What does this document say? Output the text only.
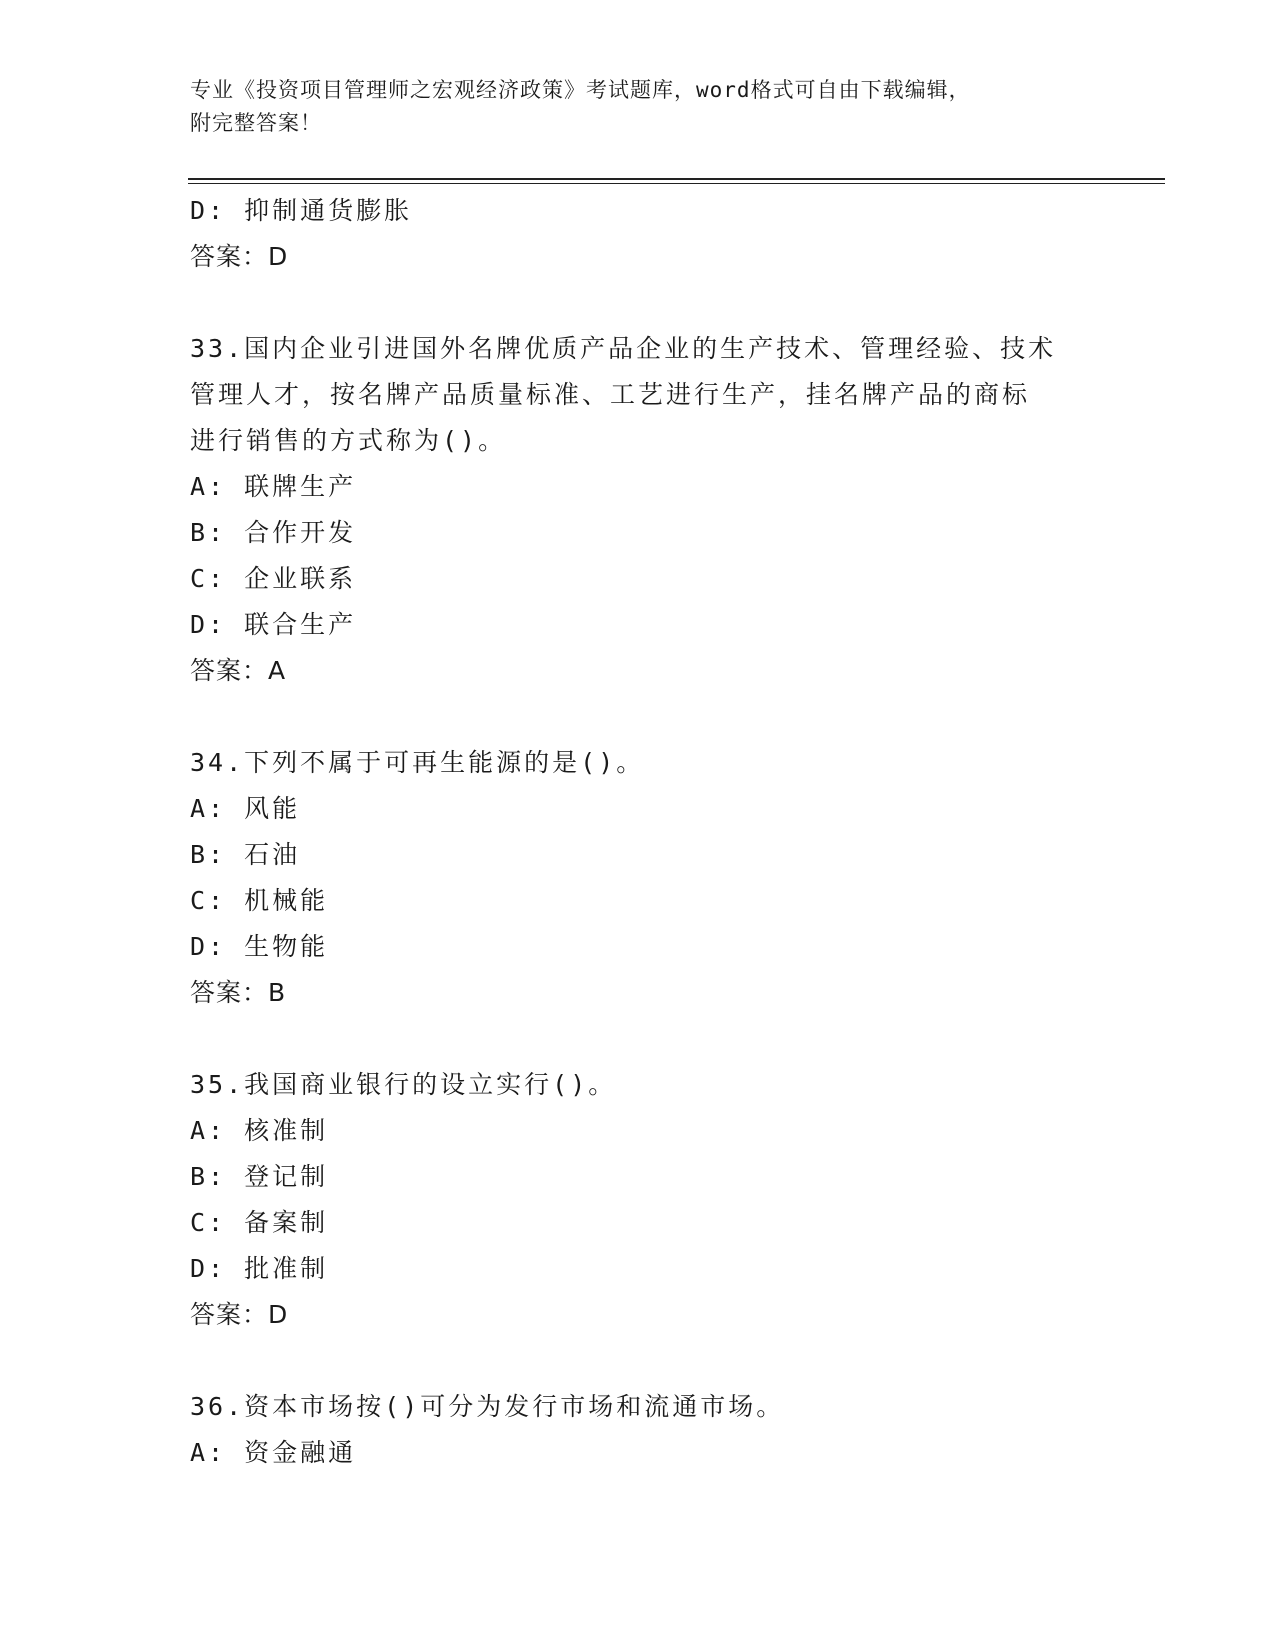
专业《投资项目管理师之宏观经济政策》考试题库，word格式可自由下载编辑，
附完整答案！
D: 抑制通货膨胀
答案：D
33.国内企业引进国外名牌优质产品企业的生产技术、管理经验、技术
管理人才，按名牌产品质量标准、工艺进行生产，挂名牌产品的商标
进行销售的方式称为()。
A: 联牌生产
B: 合作开发
C: 企业联系
D: 联合生产
答案：A
34.下列不属于可再生能源的是()。
A: 风能
B: 石油
C: 机械能
D: 生物能
答案：B
35.我国商业银行的设立实行()。
A: 核准制
B: 登记制
C: 备案制
D: 批准制
答案：D
36.资本市场按()可分为发行市场和流通市场。
A: 资金融通
